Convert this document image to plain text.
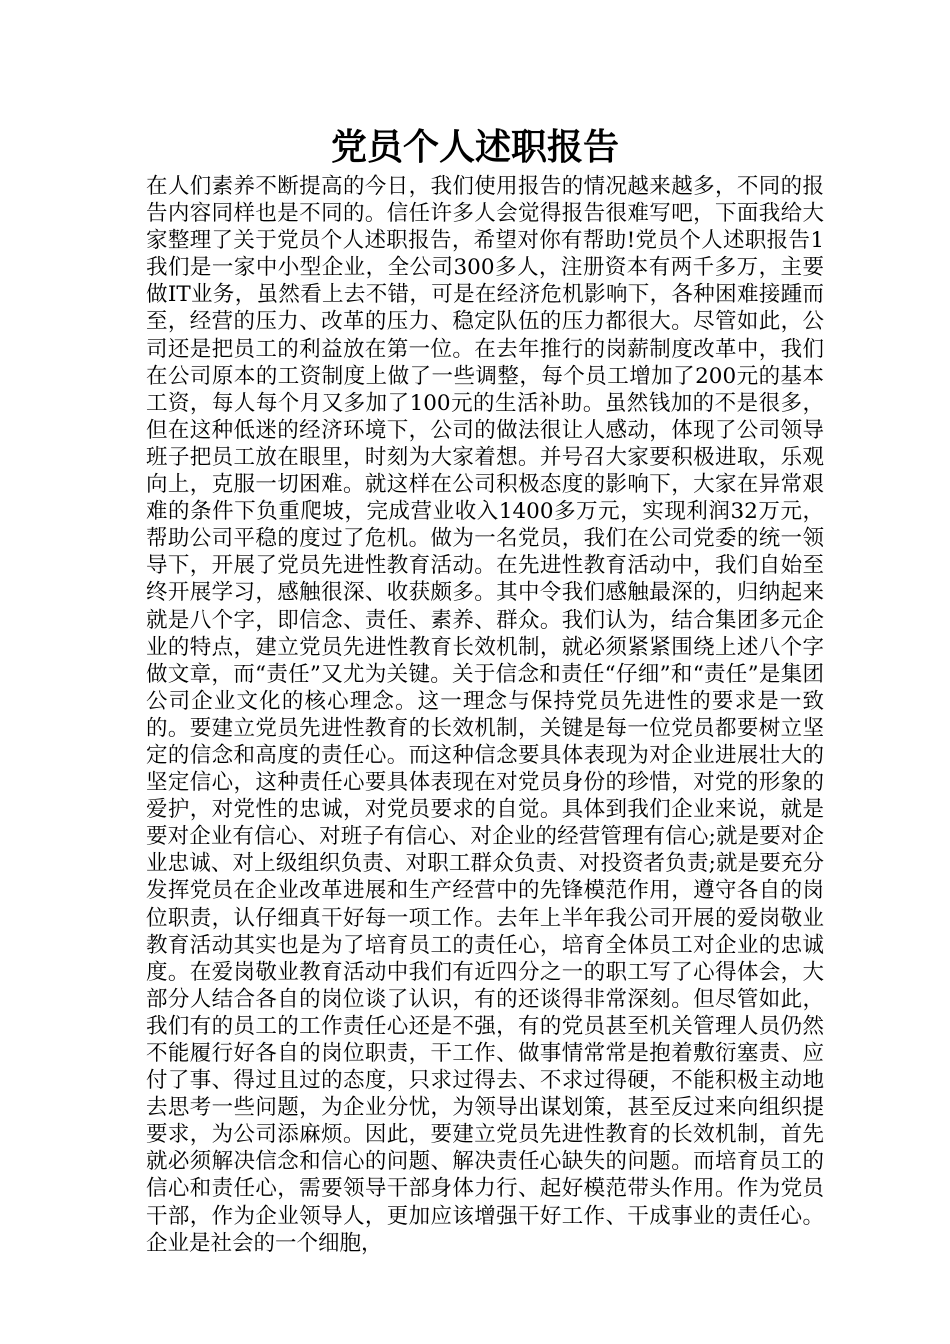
党员个人述职报告

在人们素养不断提高的今日，我们使用报告的情况越来越多，不同的报告内容同样也是不同的。信任许多人会觉得报告很难写吧，下面我给大家整理了关于党员个人述职报告，希望对你有帮助!党员个人述职报告1我们是一家中小型企业，全公司300多人，注册资本有两千多万，主要做IT业务，虽然看上去不错，可是在经济危机影响下，各种困难接踵而至，经营的压力、改革的压力、稳定队伍的压力都很大。尽管如此，公司还是把员工的利益放在第一位。在去年推行的岗薪制度改革中，我们在公司原本的工资制度上做了一些调整，每个员工增加了200元的基本工资，每人每个月又多加了100元的生活补助。虽然钱加的不是很多，但在这种低迷的经济环境下，公司的做法很让人感动，体现了公司领导班子把员工放在眼里，时刻为大家着想。并号召大家要积极进取，乐观向上，克服一切困难。就这样在公司积极态度的影响下，大家在异常艰难的条件下负重爬坡，完成营业收入1400多万元，实现利润32万元，帮助公司平稳的度过了危机。做为一名党员，我们在公司党委的统一领导下，开展了党员先进性教育活动。在先进性教育活动中，我们自始至终开展学习，感触很深、收获颇多。其中令我们感触最深的，归纳起来就是八个字，即信念、责任、素养、群众。我们认为，结合集团多元企业的特点，建立党员先进性教育长效机制，就必须紧紧围绕上述八个字做文章，而“责任”又尤为关键。关于信念和责任“仔细”和“责任”是集团公司企业文化的核心理念。这一理念与保持党员先进性的要求是一致的。要建立党员先进性教育的长效机制，关键是每一位党员都要树立坚定的信念和高度的责任心。而这种信念要具体表现为对企业进展壮大的坚定信心，这种责任心要具体表现在对党员身份的珍惜，对党的形象的爱护，对党性的忠诚，对党员要求的自觉。具体到我们企业来说，就是要对企业有信心、对班子有信心、对企业的经营管理有信心;就是要对企业忠诚、对上级组织负责、对职工群众负责、对投资者负责;就是要充分发挥党员在企业改革进展和生产经营中的先锋模范作用，遵守各自的岗位职责，认仔细真干好每一项工作。去年上半年我公司开展的爱岗敬业教育活动其实也是为了培育员工的责任心，培育全体员工对企业的忠诚度。在爱岗敬业教育活动中我们有近四分之一的职工写了心得体会，大部分人结合各自的岗位谈了认识，有的还谈得非常深刻。但尽管如此，我们有的员工的工作责任心还是不强，有的党员甚至机关管理人员仍然不能履行好各自的岗位职责，干工作、做事情常常是抱着敷衍塞责、应付了事、得过且过的态度，只求过得去、不求过得硬，不能积极主动地去思考一些问题，为企业分忧，为领导出谋划策，甚至反过来向组织提要求，为公司添麻烦。因此，要建立党员先进性教育的长效机制，首先就必须解决信念和信心的问题、解决责任心缺失的问题。而培育员工的信心和责任心，需要领导干部身体力行、起好模范带头作用。作为党员干部，作为企业领导人，更加应该增强干好工作、干成事业的责任心。企业是社会的一个细胞，
